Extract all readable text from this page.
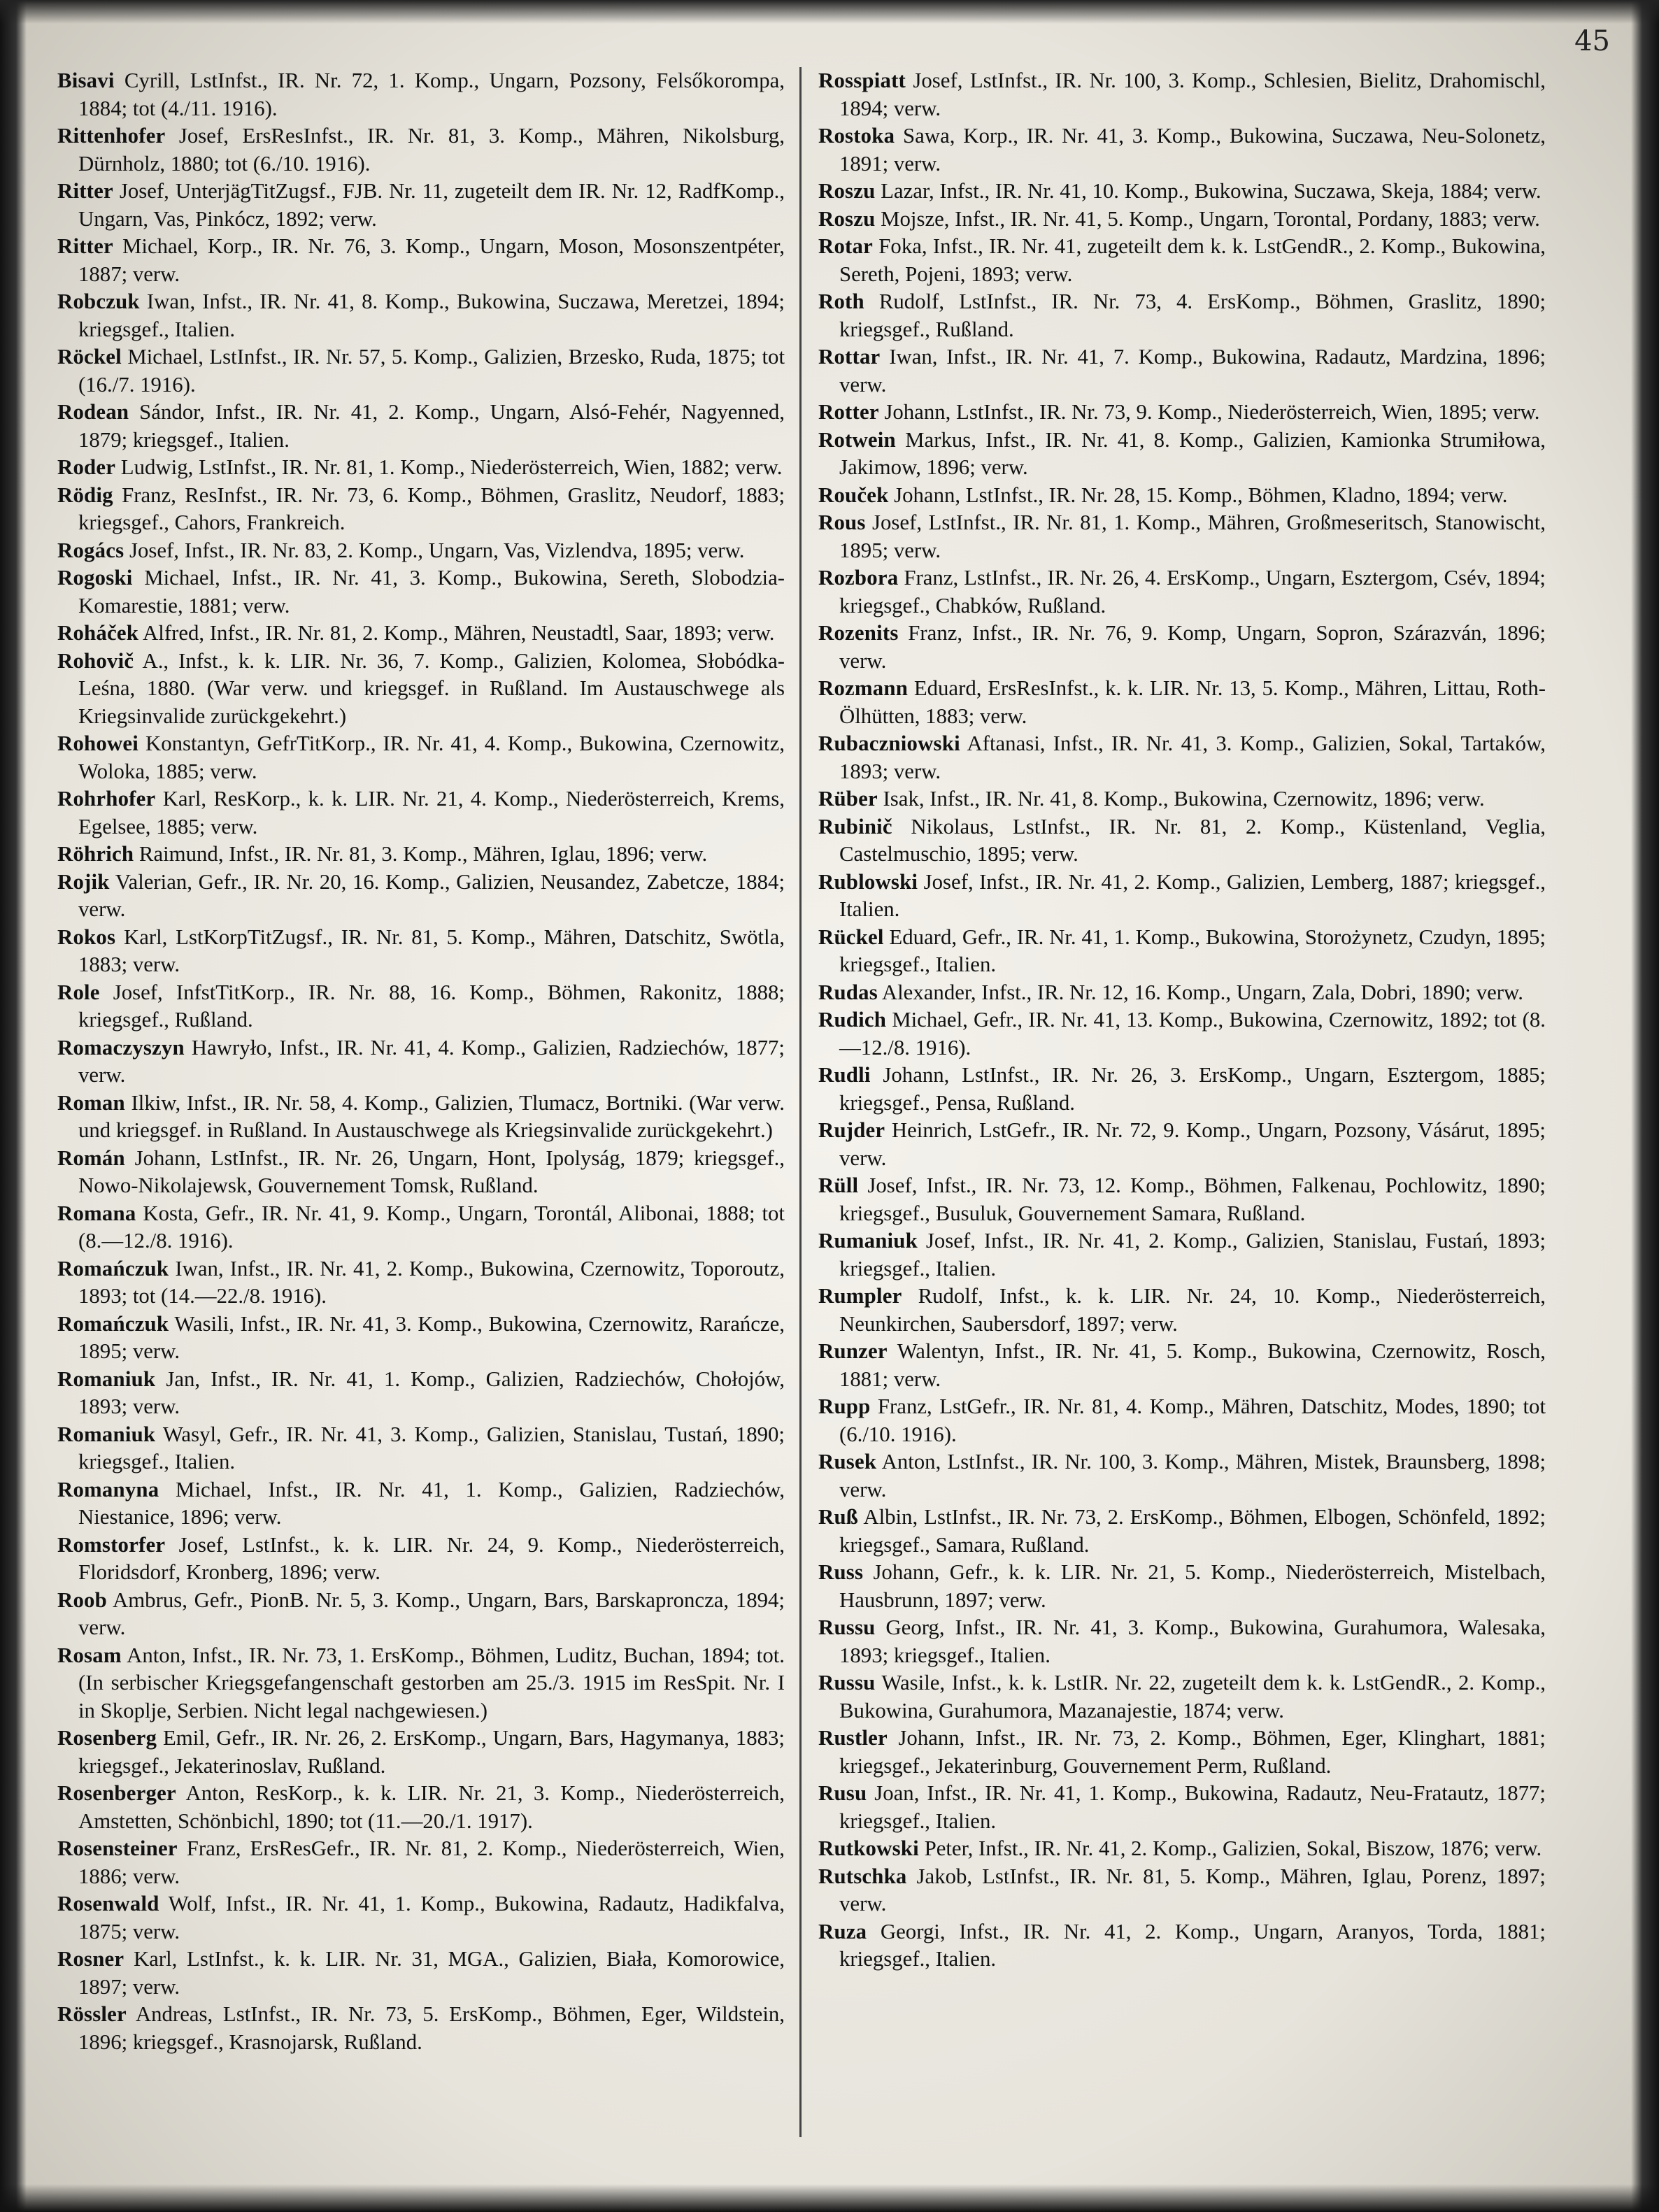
45

Bisavi Cyrill, LstInfst., IR. Nr. 72, 1. Komp., Ungarn, Pozsony, Felsőkorompa, 1884; tot (4./11. 1916).

Rittenhofer Josef, ErsResInfst., IR. Nr. 81, 3. Komp., Mähren, Nikolsburg, Dürnholz, 1880; tot (6./10. 1916).

Ritter Josef, UnterjägTitZugsf., FJB. Nr. 11, zugeteilt dem IR. Nr. 12, RadfKomp., Ungarn, Vas, Pinkócz, 1892; verw.

Ritter Michael, Korp., IR. Nr. 76, 3. Komp., Ungarn, Moson, Mosonszentpéter, 1887; verw.

Robczuk Iwan, Infst., IR. Nr. 41, 8. Komp., Bukowina, Suczawa, Meretzei, 1894; kriegsgef., Italien.

Röckel Michael, LstInfst., IR. Nr. 57, 5. Komp., Galizien, Brzesko, Ruda, 1875; tot (16./7. 1916).

Rodean Sándor, Infst., IR. Nr. 41, 2. Komp., Ungarn, Alsó-Fehér, Nagyenned, 1879; kriegsgef., Italien.

Roder Ludwig, LstInfst., IR. Nr. 81, 1. Komp., Niederösterreich, Wien, 1882; verw.

Rödig Franz, ResInfst., IR. Nr. 73, 6. Komp., Böhmen, Graslitz, Neudorf, 1883; kriegsgef., Cahors, Frankreich.

Rogács Josef, Infst., IR. Nr. 83, 2. Komp., Ungarn, Vas, Vizlendva, 1895; verw.

Rogoski Michael, Infst., IR. Nr. 41, 3. Komp., Bukowina, Sereth, Slobodzia-Komarestie, 1881; verw.

Roháček Alfred, Infst., IR. Nr. 81, 2. Komp., Mähren, Neustadtl, Saar, 1893; verw.

Rohovič A., Infst., k. k. LIR. Nr. 36, 7. Komp., Galizien, Kolomea, Słobódka-Leśna, 1880. (War verw. und kriegsgef. in Rußland. Im Austauschwege als Kriegsinvalide zurückgekehrt.)

Rohowei Konstantyn, GefrTitKorp., IR. Nr. 41, 4. Komp., Bukowina, Czernowitz, Woloka, 1885; verw.

Rohrhofer Karl, ResKorp., k. k. LIR. Nr. 21, 4. Komp., Niederösterreich, Krems, Egelsee, 1885; verw.

Röhrich Raimund, Infst., IR. Nr. 81, 3. Komp., Mähren, Iglau, 1896; verw.

Rojik Valerian, Gefr., IR. Nr. 20, 16. Komp., Galizien, Neusandez, Zabetcze, 1884; verw.

Rokos Karl, LstKorpTitZugsf., IR. Nr. 81, 5. Komp., Mähren, Datschitz, Swötla, 1883; verw.

Role Josef, InfstTitKorp., IR. Nr. 88, 16. Komp., Böhmen, Rakonitz, 1888; kriegsgef., Rußland.

Romaczyszyn Hawryło, Infst., IR. Nr. 41, 4. Komp., Galizien, Radziechów, 1877; verw.

Roman Ilkiw, Infst., IR. Nr. 58, 4. Komp., Galizien, Tlumacz, Bortniki. (War verw. und kriegsgef. in Rußland. In Austauschwege als Kriegsinvalide zurückgekehrt.)

Román Johann, LstInfst., IR. Nr. 26, Ungarn, Hont, Ipolyság, 1879; kriegsgef., Nowo-Nikolajewsk, Gouvernement Tomsk, Rußland.

Romana Kosta, Gefr., IR. Nr. 41, 9. Komp., Ungarn, Torontál, Alibonai, 1888; tot (8.—12./8. 1916).

Romańczuk Iwan, Infst., IR. Nr. 41, 2. Komp., Bukowina, Czernowitz, Toporoutz, 1893; tot (14.—22./8. 1916).

Romańczuk Wasili, Infst., IR. Nr. 41, 3. Komp., Bukowina, Czernowitz, Rarańcze, 1895; verw.

Romaniuk Jan, Infst., IR. Nr. 41, 1. Komp., Galizien, Radziechów, Chołojów, 1893; verw.

Romaniuk Wasyl, Gefr., IR. Nr. 41, 3. Komp., Galizien, Stanislau, Tustań, 1890; kriegsgef., Italien.

Romanyna Michael, Infst., IR. Nr. 41, 1. Komp., Galizien, Radziechów, Niestanice, 1896; verw.

Romstorfer Josef, LstInfst., k. k. LIR. Nr. 24, 9. Komp., Niederösterreich, Floridsdorf, Kronberg, 1896; verw.

Roob Ambrus, Gefr., PionB. Nr. 5, 3. Komp., Ungarn, Bars, Barskaproncza, 1894; verw.

Rosam Anton, Infst., IR. Nr. 73, 1. ErsKomp., Böhmen, Luditz, Buchan, 1894; tot. (In serbischer Kriegsgefangenschaft gestorben am 25./3. 1915 im ResSpit. Nr. I in Skoplje, Serbien. Nicht legal nachgewiesen.)

Rosenberg Emil, Gefr., IR. Nr. 26, 2. ErsKomp., Ungarn, Bars, Hagymanya, 1883; kriegsgef., Jekaterinoslav, Rußland.

Rosenberger Anton, ResKorp., k. k. LIR. Nr. 21, 3. Komp., Niederösterreich, Amstetten, Schönbichl, 1890; tot (11.—20./1. 1917).

Rosensteiner Franz, ErsResGefr., IR. Nr. 81, 2. Komp., Niederösterreich, Wien, 1886; verw.

Rosenwald Wolf, Infst., IR. Nr. 41, 1. Komp., Bukowina, Radautz, Hadikfalva, 1875; verw.

Rosner Karl, LstInfst., k. k. LIR. Nr. 31, MGA., Galizien, Biała, Komorowice, 1897; verw.

Rössler Andreas, LstInfst., IR. Nr. 73, 5. ErsKomp., Böhmen, Eger, Wildstein, 1896; kriegsgef., Krasnojarsk, Rußland.

Rosspiatt Josef, LstInfst., IR. Nr. 100, 3. Komp., Schlesien, Bielitz, Drahomischl, 1894; verw.

Rostoka Sawa, Korp., IR. Nr. 41, 3. Komp., Bukowina, Suczawa, Neu-Solonetz, 1891; verw.

Roszu Lazar, Infst., IR. Nr. 41, 10. Komp., Bukowina, Suczawa, Skeja, 1884; verw.

Roszu Mojsze, Infst., IR. Nr. 41, 5. Komp., Ungarn, Torontal, Pordany, 1883; verw.

Rotar Foka, Infst., IR. Nr. 41, zugeteilt dem k. k. LstGendR., 2. Komp., Bukowina, Sereth, Pojeni, 1893; verw.

Roth Rudolf, LstInfst., IR. Nr. 73, 4. ErsKomp., Böhmen, Graslitz, 1890; kriegsgef., Rußland.

Rottar Iwan, Infst., IR. Nr. 41, 7. Komp., Bukowina, Radautz, Mardzina, 1896; verw.

Rotter Johann, LstInfst., IR. Nr. 73, 9. Komp., Niederösterreich, Wien, 1895; verw.

Rotwein Markus, Infst., IR. Nr. 41, 8. Komp., Galizien, Kamionka Strumiłowa, Jakimow, 1896; verw.

Rouček Johann, LstInfst., IR. Nr. 28, 15. Komp., Böhmen, Kladno, 1894; verw.

Rous Josef, LstInfst., IR. Nr. 81, 1. Komp., Mähren, Großmeseritsch, Stanowischt, 1895; verw.

Rozbora Franz, LstInfst., IR. Nr. 26, 4. ErsKomp., Ungarn, Esztergom, Csév, 1894; kriegsgef., Chabków, Rußland.

Rozenits Franz, Infst., IR. Nr. 76, 9. Komp, Ungarn, Sopron, Szárazván, 1896; verw.

Rozmann Eduard, ErsResInfst., k. k. LIR. Nr. 13, 5. Komp., Mähren, Littau, Roth-Ölhütten, 1883; verw.

Rubaczniowski Aftanasi, Infst., IR. Nr. 41, 3. Komp., Galizien, Sokal, Tartaków, 1893; verw.

Rüber Isak, Infst., IR. Nr. 41, 8. Komp., Bukowina, Czernowitz, 1896; verw.

Rubinič Nikolaus, LstInfst., IR. Nr. 81, 2. Komp., Küstenland, Veglia, Castelmuschio, 1895; verw.

Rublowski Josef, Infst., IR. Nr. 41, 2. Komp., Galizien, Lemberg, 1887; kriegsgef., Italien.

Rückel Eduard, Gefr., IR. Nr. 41, 1. Komp., Bukowina, Storożynetz, Czudyn, 1895; kriegsgef., Italien.

Rudas Alexander, Infst., IR. Nr. 12, 16. Komp., Ungarn, Zala, Dobri, 1890; verw.

Rudich Michael, Gefr., IR. Nr. 41, 13. Komp., Bukowina, Czernowitz, 1892; tot (8.—12./8. 1916).

Rudli Johann, LstInfst., IR. Nr. 26, 3. ErsKomp., Ungarn, Esztergom, 1885; kriegsgef., Pensa, Rußland.

Rujder Heinrich, LstGefr., IR. Nr. 72, 9. Komp., Ungarn, Pozsony, Vásárut, 1895; verw.

Rüll Josef, Infst., IR. Nr. 73, 12. Komp., Böhmen, Falkenau, Pochlowitz, 1890; kriegsgef., Busuluk, Gouvernement Samara, Rußland.

Rumaniuk Josef, Infst., IR. Nr. 41, 2. Komp., Galizien, Stanislau, Fustań, 1893; kriegsgef., Italien.

Rumpler Rudolf, Infst., k. k. LIR. Nr. 24, 10. Komp., Niederösterreich, Neunkirchen, Saubersdorf, 1897; verw.

Runzer Walentyn, Infst., IR. Nr. 41, 5. Komp., Bukowina, Czernowitz, Rosch, 1881; verw.

Rupp Franz, LstGefr., IR. Nr. 81, 4. Komp., Mähren, Datschitz, Modes, 1890; tot (6./10. 1916).

Rusek Anton, LstInfst., IR. Nr. 100, 3. Komp., Mähren, Mistek, Braunsberg, 1898; verw.

Ruß Albin, LstInfst., IR. Nr. 73, 2. ErsKomp., Böhmen, Elbogen, Schönfeld, 1892; kriegsgef., Samara, Rußland.

Russ Johann, Gefr., k. k. LIR. Nr. 21, 5. Komp., Niederösterreich, Mistelbach, Hausbrunn, 1897; verw.

Russu Georg, Infst., IR. Nr. 41, 3. Komp., Bukowina, Gurahumora, Walesaka, 1893; kriegsgef., Italien.

Russu Wasile, Infst., k. k. LstIR. Nr. 22, zugeteilt dem k. k. LstGendR., 2. Komp., Bukowina, Gurahumora, Mazanajestie, 1874; verw.

Rustler Johann, Infst., IR. Nr. 73, 2. Komp., Böhmen, Eger, Klinghart, 1881; kriegsgef., Jekaterinburg, Gouvernement Perm, Rußland.

Rusu Joan, Infst., IR. Nr. 41, 1. Komp., Bukowina, Radautz, Neu-Fratautz, 1877; kriegsgef., Italien.

Rutkowski Peter, Infst., IR. Nr. 41, 2. Komp., Galizien, Sokal, Biszow, 1876; verw.

Rutschka Jakob, LstInfst., IR. Nr. 81, 5. Komp., Mähren, Iglau, Porenz, 1897; verw.

Ruza Georgi, Infst., IR. Nr. 41, 2. Komp., Ungarn, Aranyos, Torda, 1881; kriegsgef., Italien.
